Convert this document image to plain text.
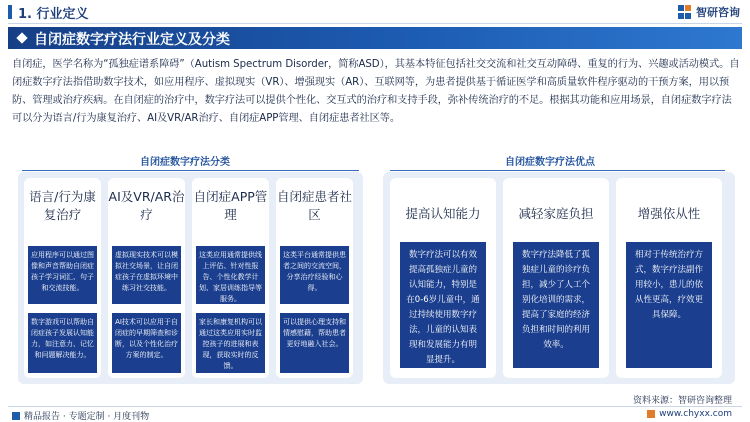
1. 行业定义	智研咨询
自闭症数字疗法行业定义及分类
自闭症，医学名称为“孤独症谱系障碍”（Autism Spectrum Disorder，简称ASD），其基本特征包括社交交流和社交互动障碍、重复的行为、兴趣或活动模式。自闭症数字疗法指借助数字技术，如应用程序、虚拟现实（VR）、增强现实（AR）、互联网等，为患者提供基于循证医学和高质量软件程序驱动的干预方案，用以预防、管理或治疗疾病。在自闭症的治疗中，数字疗法可以提供个性化、交互式的治疗和支持手段，弥补传统治疗的不足。根据其功能和应用场景，自闭症数字疗法可以分为语言/行为康复治疗、AI及VR/AR治疗、自闭症APP管理、自闭症患者社区等。
自闭症数字疗法分类	自闭症数字疗法优点
语言/行为康复治疗
应用程序可以通过图像和声音帮助自闭症孩子学习词汇、句子和交流技能。
数字游戏可以帮助自闭症孩子发展认知能力，如注意力、记忆和问题解决能力。
AI及VR/AR治疗
虚拟现实技术可以模拟社交场景，让自闭症孩子在虚拟环境中练习社交技能。
AI技术可以应用于自闭症的早期筛查和诊断，以及个性化治疗方案的制定。
自闭症APP管理
这类应用通常提供线上评估、针对性报告、个性化教学计划、家居训练指导等服务。
家长和康复机构可以通过这类应用实时监控孩子的进展和表现，获取实时的反馈。
自闭症患者社区
这类平台通常提供患者之间的交流空间，分享治疗经验和心得。
可以提供心理支持和情感慰藉，帮助患者更好地融入社会。
提高认知能力
数字疗法可以有效提高孤独症儿童的认知能力，特别是在0-6岁儿童中，通过持续使用数字疗法，儿童的认知表现和发展能力有明显提升。
减轻家庭负担
数字疗法降低了孤独症儿童的诊疗负担，减少了人工个别化培训的需求，提高了家庭的经济负担和时间的利用效率。
增强依从性
相对于传统治疗方式，数字疗法副作用较小，患儿的依从性更高，疗效更具保障。
资料来源：智研咨询整理
精品报告 · 专题定制 · 月度刊物	www.chyxx.com
